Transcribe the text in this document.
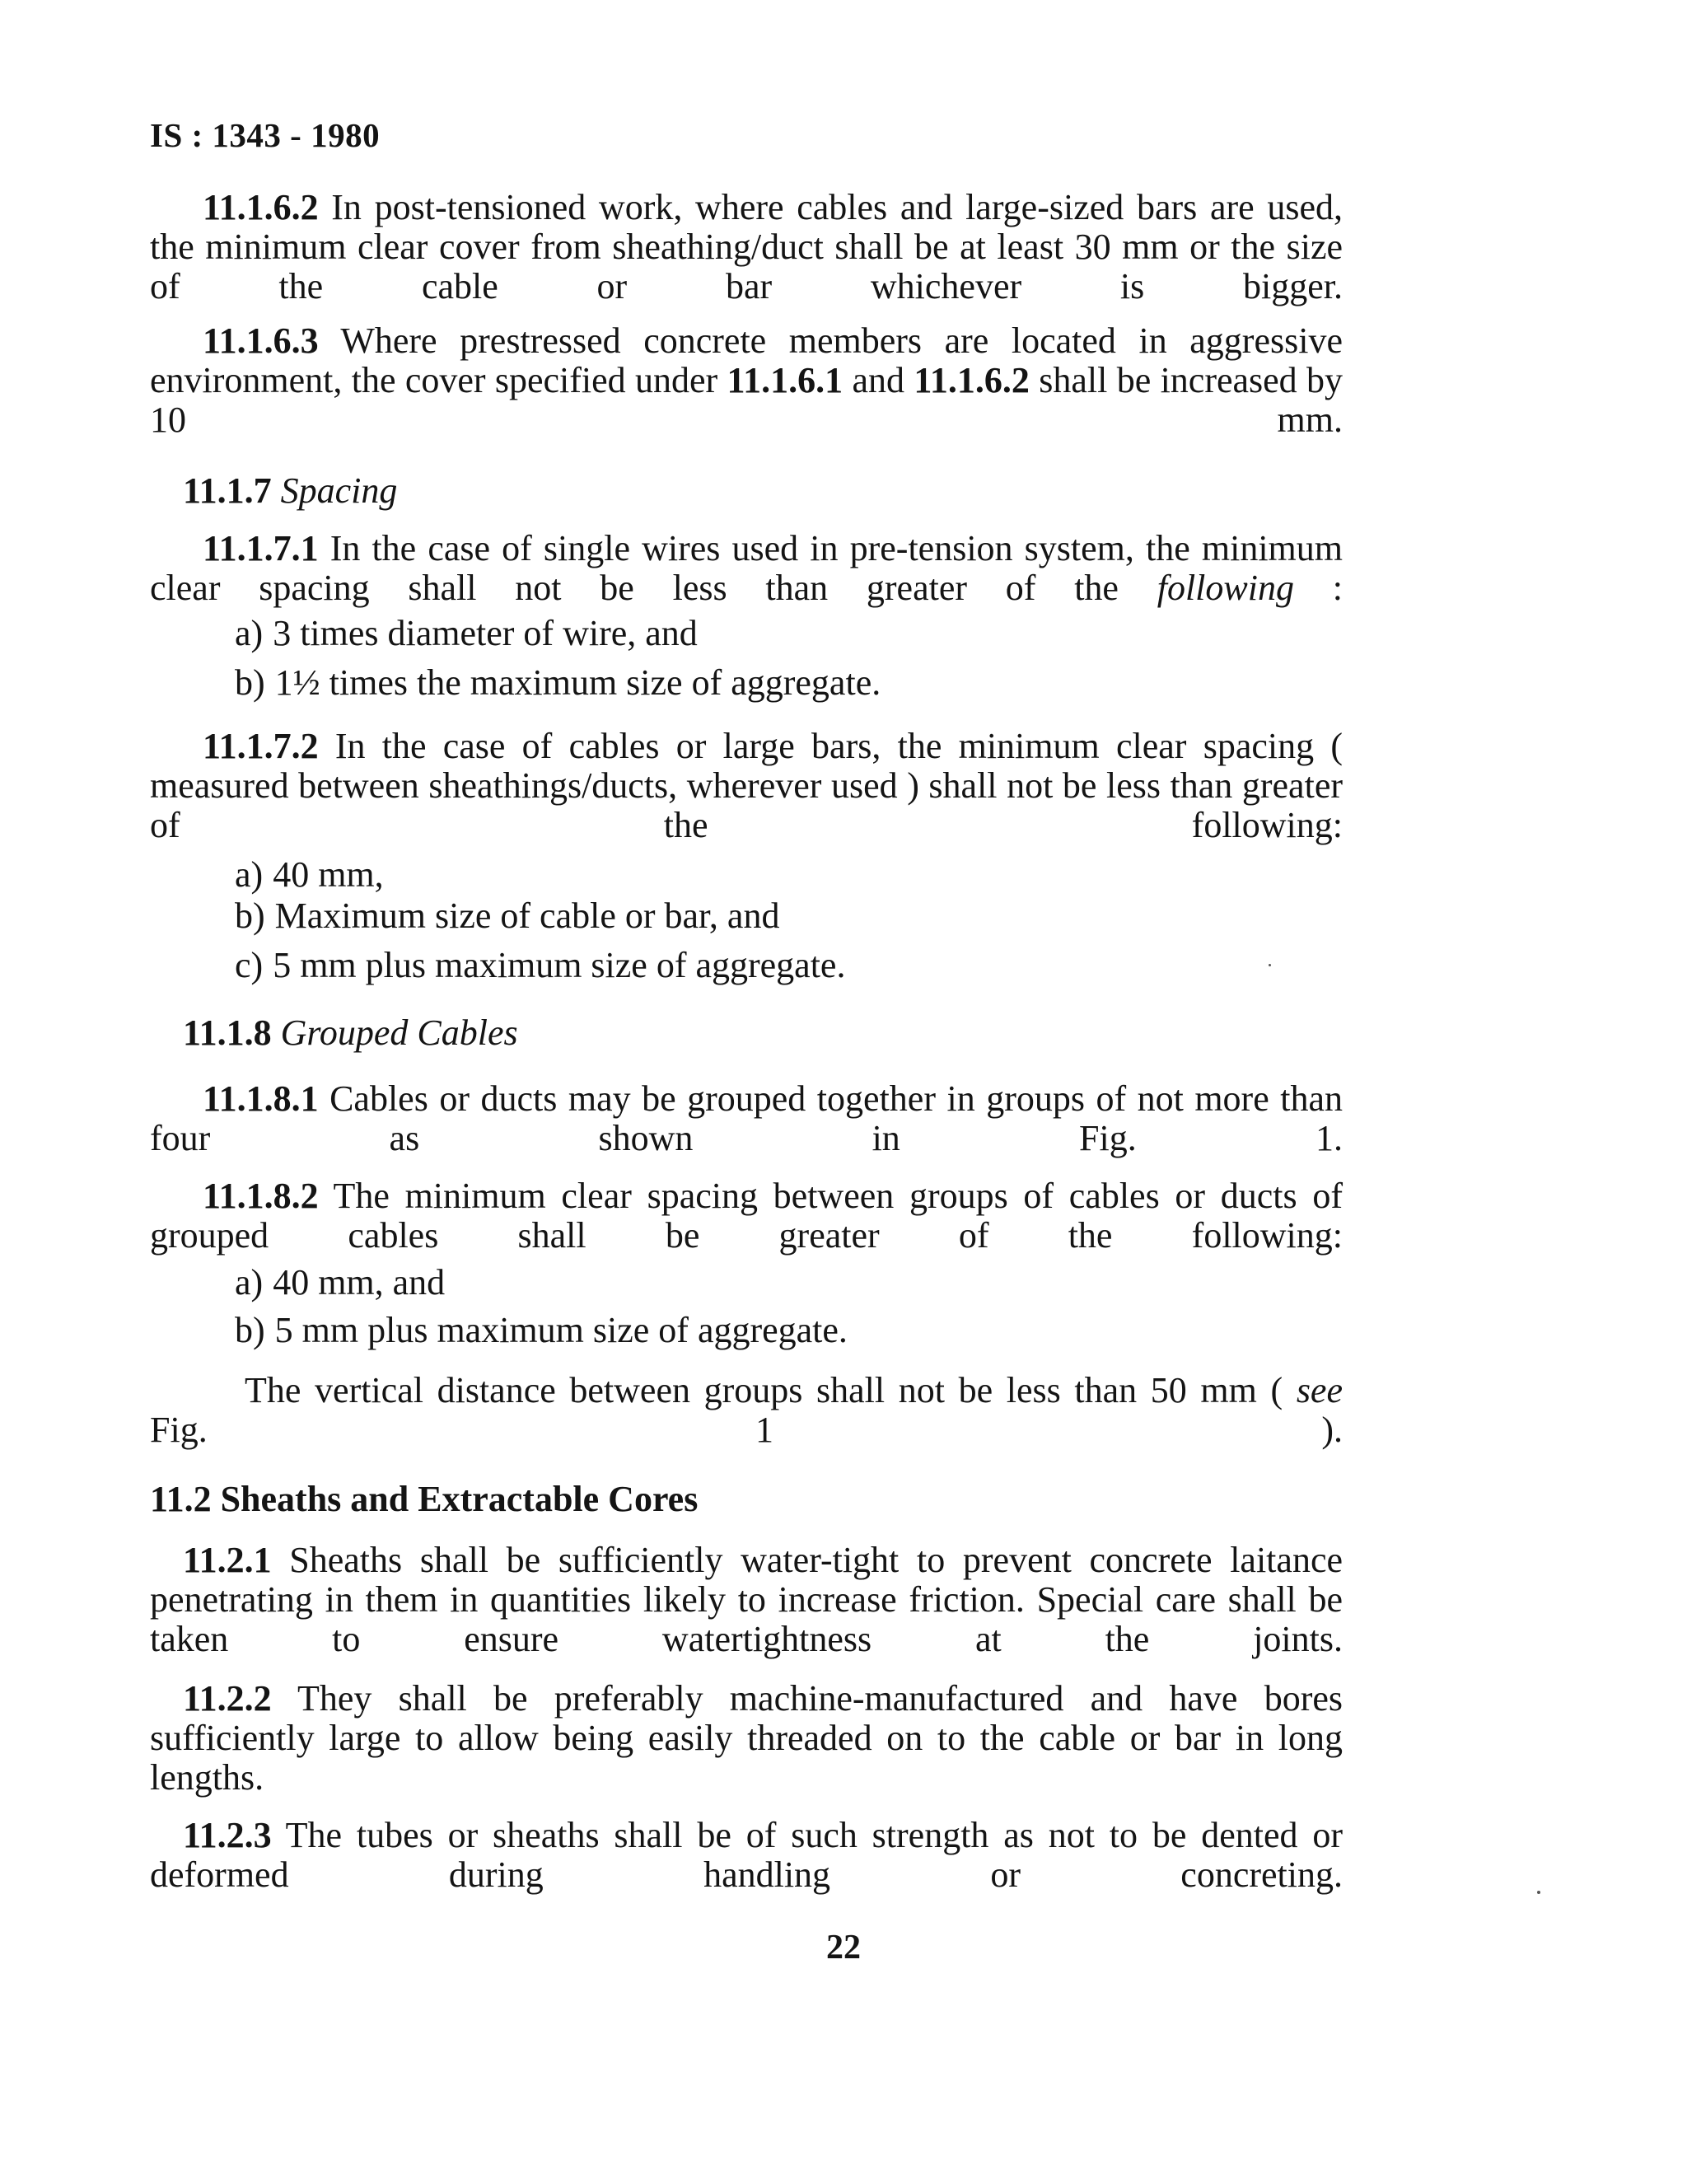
IS : 1343 - 1980

11.1.6.2 In post-tensioned work, where cables and large-sized bars are used, the minimum clear cover from sheathing/duct shall be at least 30 mm or the size of the cable or bar whichever is bigger.

11.1.6.3 Where prestressed concrete members are located in aggressive environment, the cover specified under 11.1.6.1 and 11.1.6.2 shall be increased by 10 mm.

11.1.7 Spacing

11.1.7.1 In the case of single wires used in pre-tension system, the minimum clear spacing shall not be less than greater of the following :

a) 3 times diameter of wire, and
b) 1½ times the maximum size of aggregate.

11.1.7.2 In the case of cables or large bars, the minimum clear spacing ( measured between sheathings/ducts, wherever used ) shall not be less than greater of the following:

a) 40 mm,
b) Maximum size of cable or bar, and
c) 5 mm plus maximum size of aggregate.
11.1.8 Grouped Cables

11.1.8.1 Cables or ducts may be grouped together in groups of not more than four as shown in Fig. 1.

11.1.8.2 The minimum clear spacing between groups of cables or ducts of grouped cables shall be greater of the following:

a) 40 mm, and
b) 5 mm plus maximum size of aggregate.

The vertical distance between groups shall not be less than 50 mm ( see Fig. 1 ).

11.2 Sheaths and Extractable Cores

11.2.1 Sheaths shall be sufficiently water-tight to prevent concrete laitance penetrating in them in quantities likely to increase friction. Special care shall be taken to ensure watertightness at the joints.

11.2.2 They shall be preferably machine-manufactured and have bores sufficiently large to allow being easily threaded on to the cable or bar in long lengths.

11.2.3 The tubes or sheaths shall be of such strength as not to be dented or deformed during handling or concreting.

22
